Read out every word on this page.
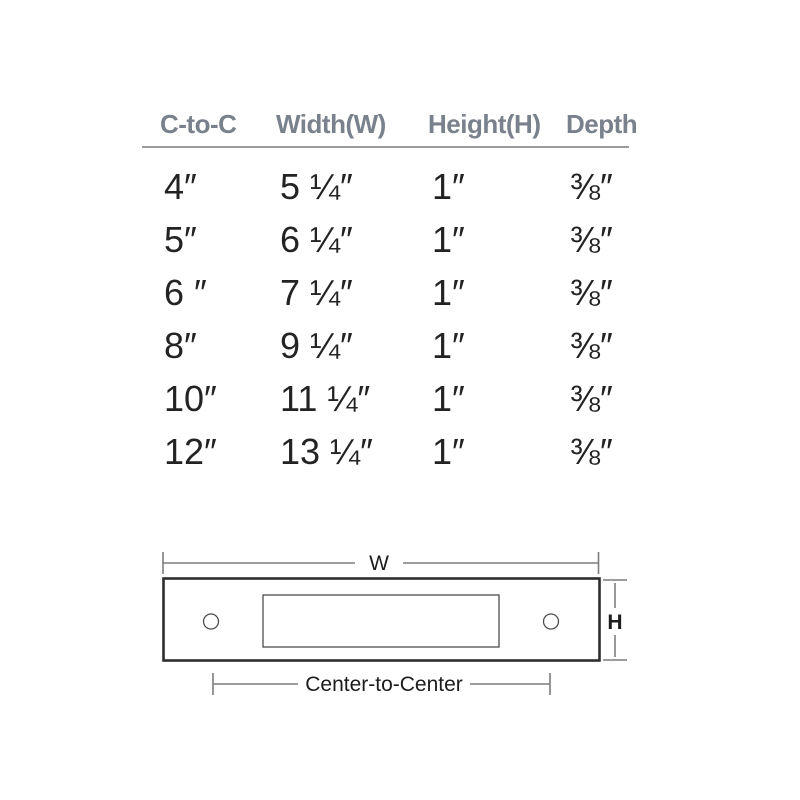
C-to-C	Width(W)	Height(H) Depth
4″	5 ¼″	1″	⅜″
5″	6 ¼″	1″	⅜″
6 ″	7 ¼″	1″	⅜″
8″	9 ¼″	1″	⅜″
10″	11 ¼″	1″	⅜″
12″	13 ¼″	1″	⅜″
W
H
Center-to-Center
